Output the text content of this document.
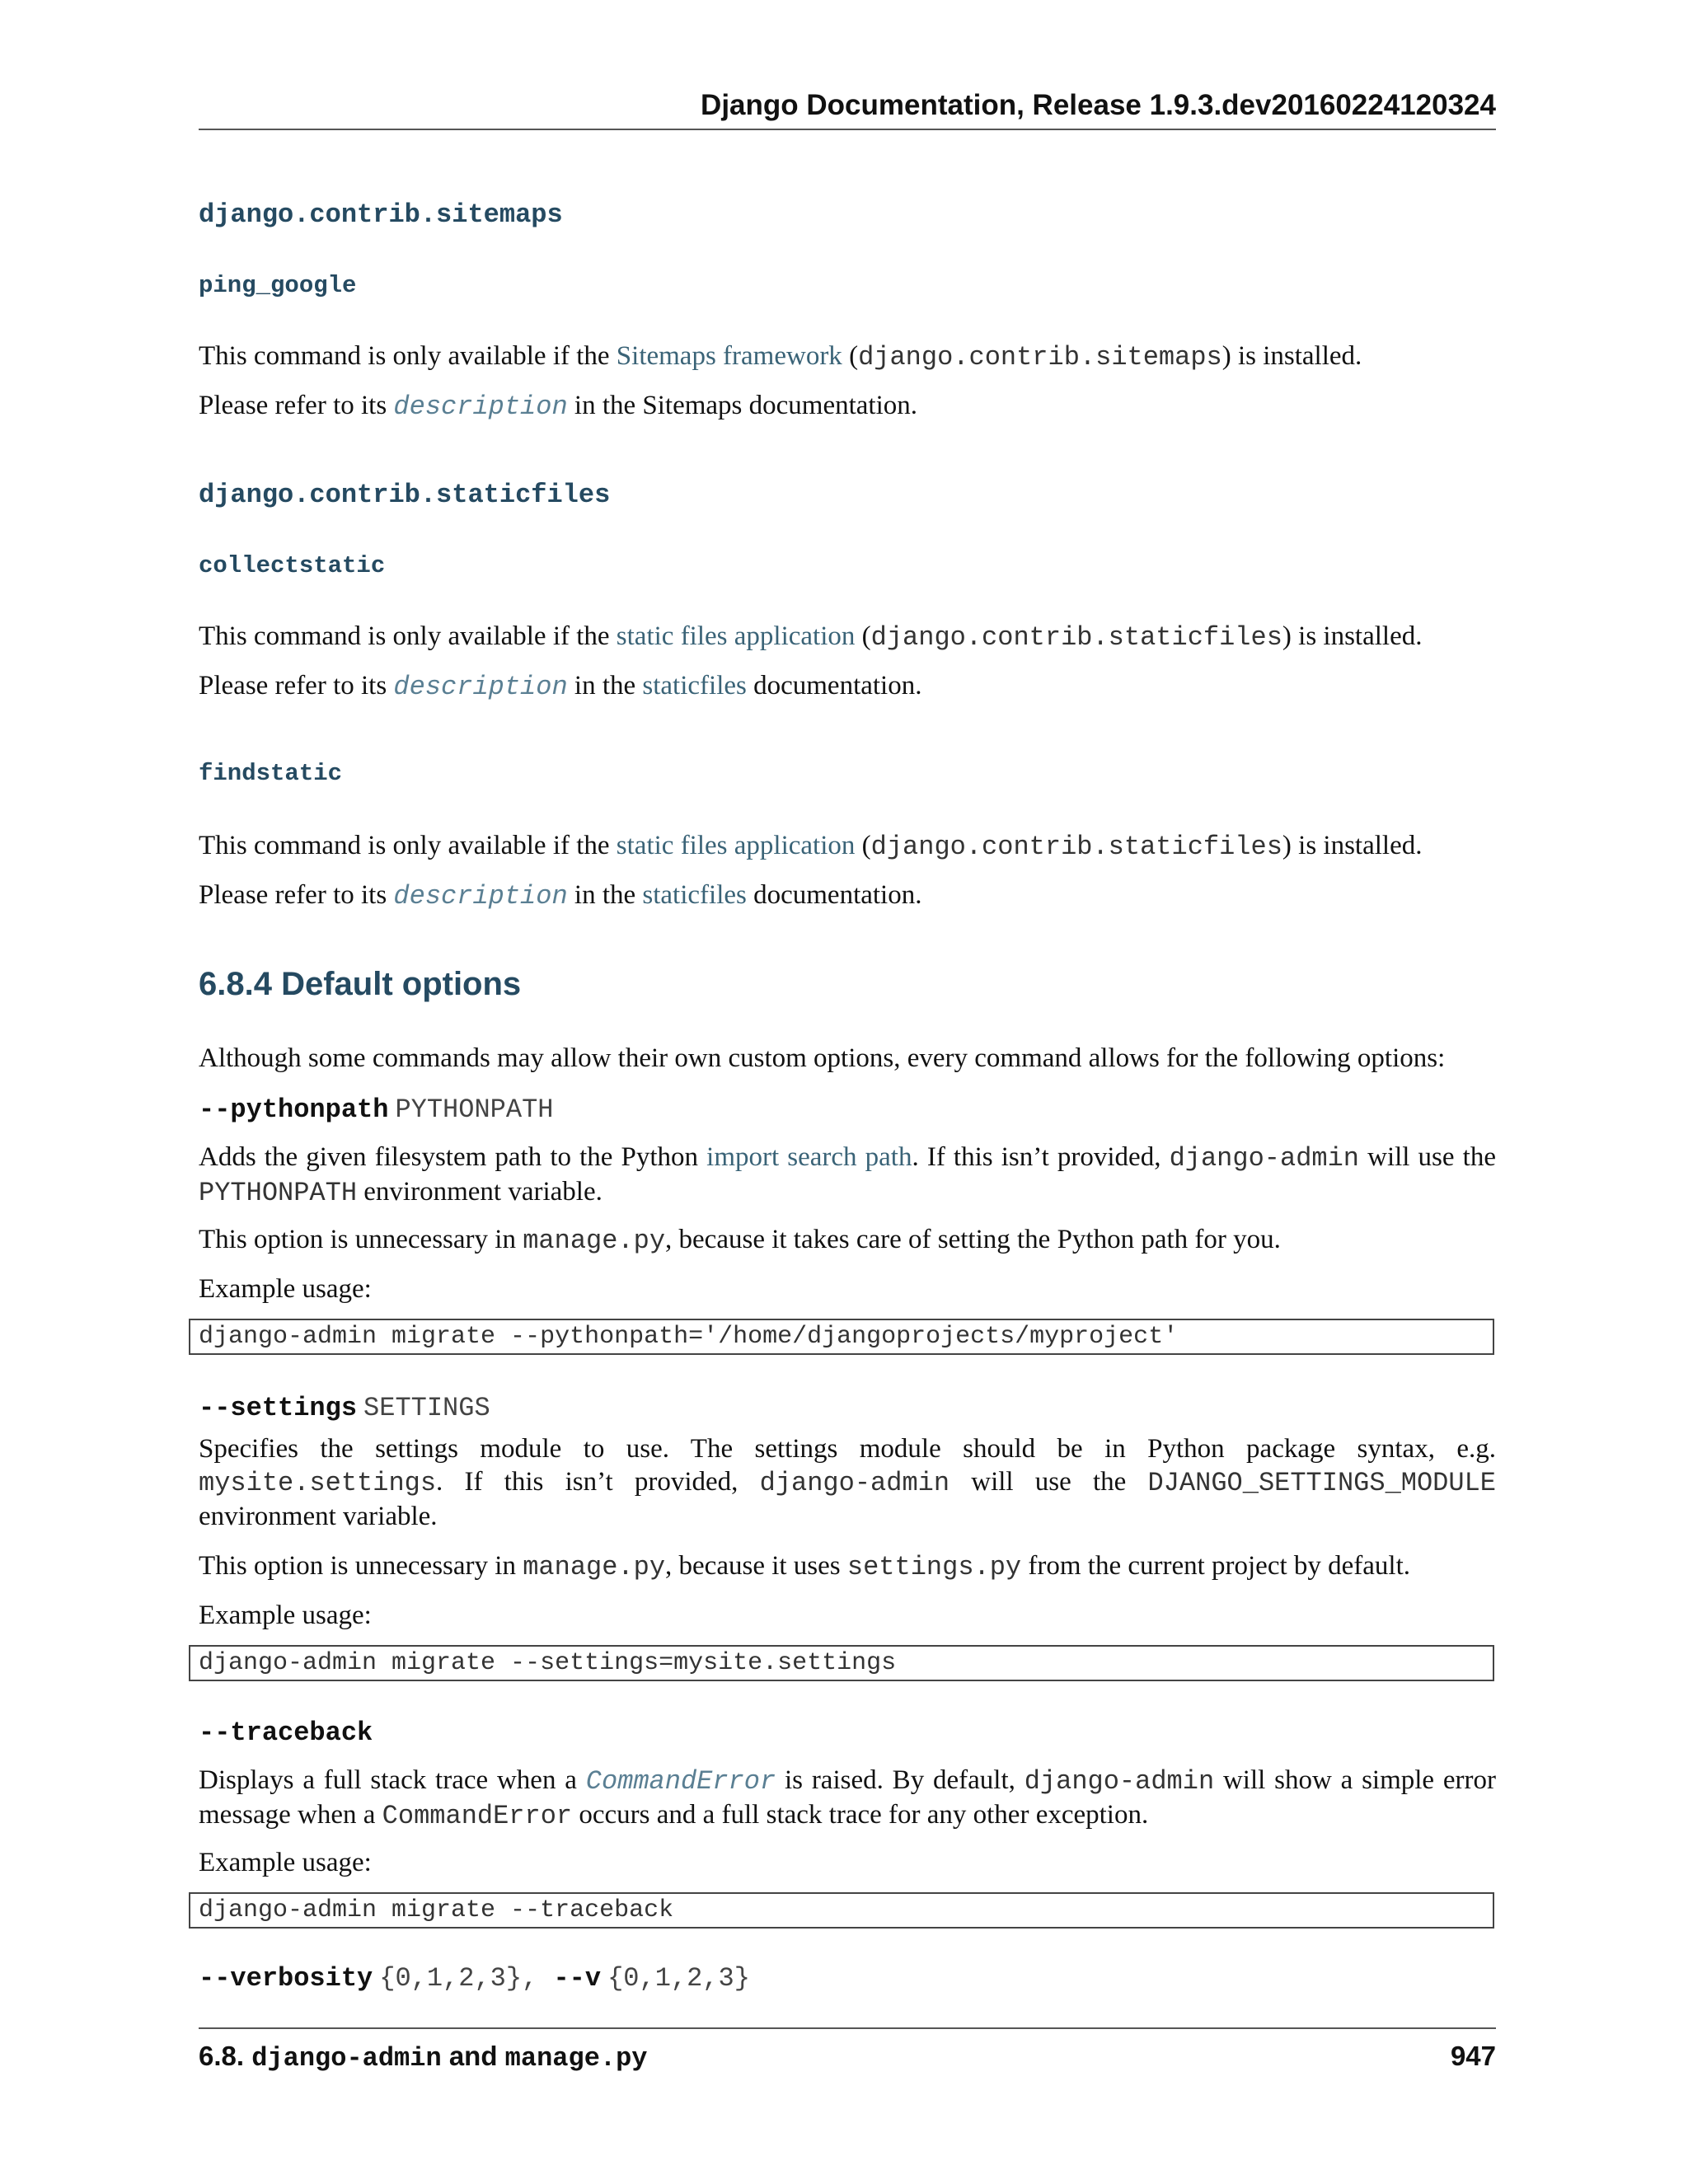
Django Documentation, Release 1.9.3.dev20160224120324
django.contrib.sitemaps
ping_google
This command is only available if the Sitemaps framework (django.contrib.sitemaps) is installed.
Please refer to its description in the Sitemaps documentation.
django.contrib.staticfiles
collectstatic
This command is only available if the static files application (django.contrib.staticfiles) is installed.
Please refer to its description in the staticfiles documentation.
findstatic
This command is only available if the static files application (django.contrib.staticfiles) is installed.
Please refer to its description in the staticfiles documentation.
6.8.4 Default options
Although some commands may allow their own custom options, every command allows for the following options:
--pythonpath PYTHONPATH
Adds the given filesystem path to the Python import search path. If this isn’t provided, django-admin will use the PYTHONPATH environment variable.
This option is unnecessary in manage.py, because it takes care of setting the Python path for you.
Example usage:
django-admin migrate --pythonpath='/home/djangoprojects/myproject'
--settings SETTINGS
Specifies the settings module to use. The settings module should be in Python package syntax, e.g. mysite.settings. If this isn’t provided, django-admin will use the DJANGO_SETTINGS_MODULE environment variable.
This option is unnecessary in manage.py, because it uses settings.py from the current project by default.
Example usage:
django-admin migrate --settings=mysite.settings
--traceback
Displays a full stack trace when a CommandError is raised. By default, django-admin will show a simple error message when a CommandError occurs and a full stack trace for any other exception.
Example usage:
django-admin migrate --traceback
--verbosity {0,1,2,3}, --v {0,1,2,3}
6.8. django-admin and manage.py	947
